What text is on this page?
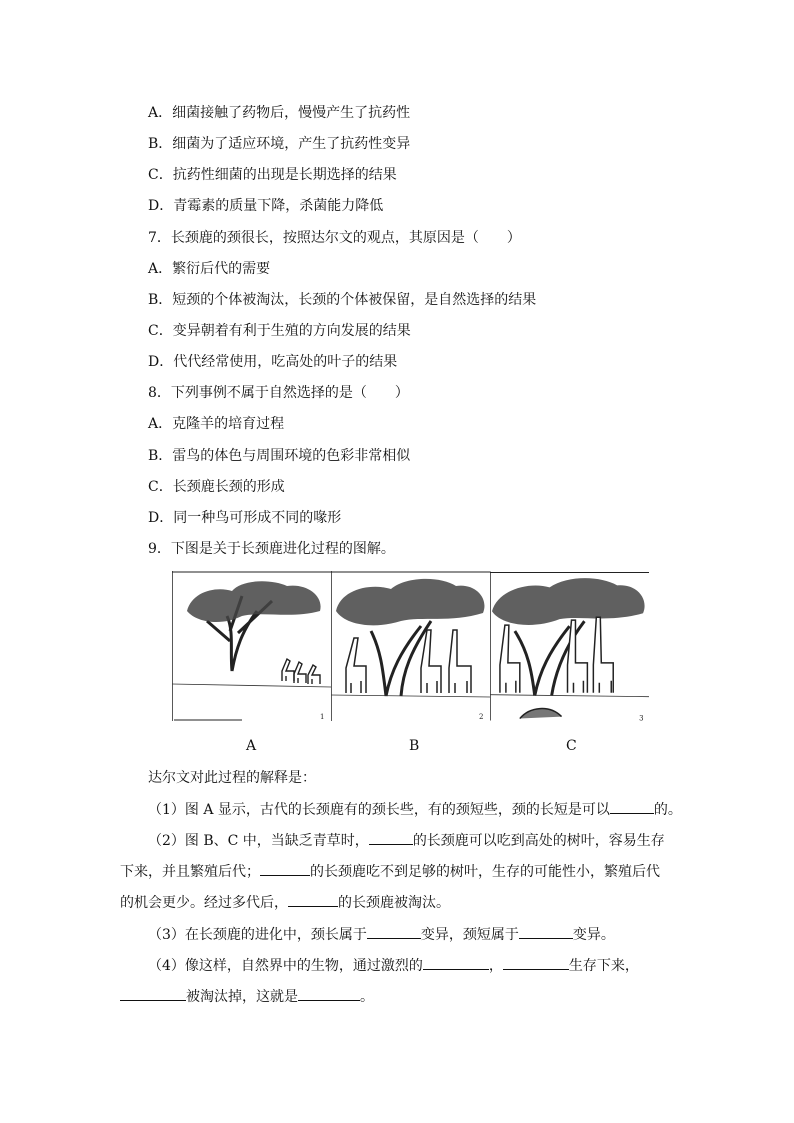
A．细菌接触了药物后，慢慢产生了抗药性
B．细菌为了适应环境，产生了抗药性变异
C．抗药性细菌的出现是长期选择的结果
D．青霉素的质量下降，杀菌能力降低
7．长颈鹿的颈很长，按照达尔文的观点，其原因是（　　）
A．繁衍后代的需要
B．短颈的个体被淘汰，长颈的个体被保留，是自然选择的结果
C．变异朝着有利于生殖的方向发展的结果
D．代代经常使用，吃高处的叶子的结果
8．下列事例不属于自然选择的是（　　）
A．克隆羊的培育过程
B．雷鸟的体色与周围环境的色彩非常相似
C．长颈鹿长颈的形成
D．同一种鸟可形成不同的喙形
9．下图是关于长颈鹿进化过程的图解。
1	2	3
A	B	C
达尔文对此过程的解释是：
（1）图 A 显示，古代的长颈鹿有的颈长些，有的颈短些，颈的长短是可以	的。
（2）图 B、C 中，当缺乏青草时，	的长颈鹿可以吃到高处的树叶，容易生存
下来，并且繁殖后代；	的长颈鹿吃不到足够的树叶，生存的可能性小，繁殖后代
的机会更少。经过多代后，	的长颈鹿被淘汰。
（3）在长颈鹿的进化中，颈长属于	变异，颈短属于	变异。
（4）像这样，自然界中的生物，通过激烈的	，	生存下来，
被淘汰掉，这就是	。
